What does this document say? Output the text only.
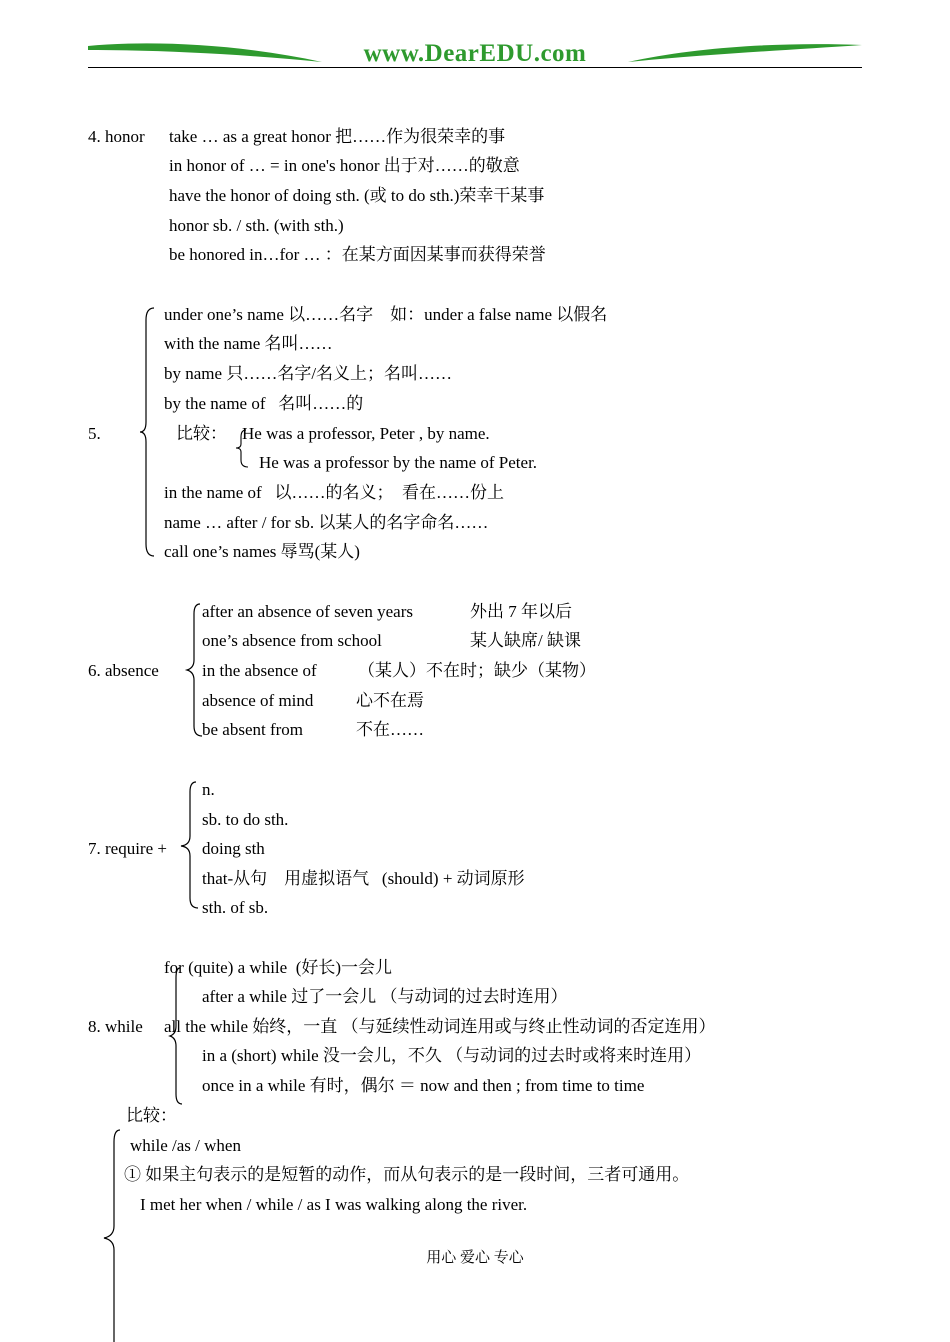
www.DearEDU.com
4. honor take … as a great honor 把……作为很荣幸的事
in honor of … = in one's honor 出于对……的敬意
have the honor of doing sth. (或 to do sth.)荣幸干某事
honor sb. / sth. (with sth.)
be honored in…for … ：在某方面因某事而获得荣誉
5.
under one’s name 以……名字    如：under a false name 以假名
with the name 名叫……
by name 只……名字/名义上；名叫……
by the name of   名叫……的
比较： He was a professor, Peter , by name.
He was a professor by the name of Peter.
in the name of   以……的名义；  看在……份上
name … after / for sb. 以某人的名字命名……
call one’s names 辱骂(某人)
6. absence
after an absence of seven years	外出 7 年以后
one’s absence from school	某人缺席/ 缺课
in the absence of （某人）不在时；缺少（某物）
absence of mind	心不在焉
be absent from	不在……
7. require +
n.
sb. to do sth.
doing sth
that-从句    用虚拟语气   (should) + 动词原形
sth. of sb.
8. while
for (quite) a while  (好长)一会儿
after a while 过了一会儿 （与动词的过去时连用）
all the while 始终，一直 （与延续性动词连用或与终止性动词的否定连用）
in a (short) while 没一会儿，不久 （与动词的过去时或将来时连用）
once in a while 有时，偶尔 ＝ now and then ; from time to time
比较：
while /as / when
① 如果主句表示的是短暂的动作，而从句表示的是一段时间，三者可通用。
I met her when / while / as I was walking along the river.
用心 爱心 专心
